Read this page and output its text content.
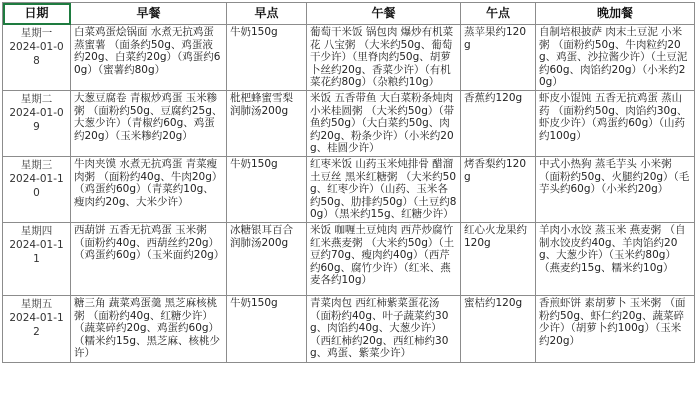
日期	早餐	早点	午餐	午点	晚加餐

星期一
2024-01-08	白菜鸡蛋烩锅面 水煮无抗鸡蛋 蒸蜜薯 （面条约50g、鸡蛋液约20g、白菜约20g）（鸡蛋约60g）（蜜薯约80g）	牛奶150g	葡萄干米饭 锅包肉 爆炒有机菜花 八宝粥 （大米约50g、葡萄干少许）（里脊肉约50g、胡萝卜丝约20g、香菜少许）（有机菜花约80g）（杂粮约10g）	蒸苹果约120g	自制培根披萨 肉末土豆泥 小米粥 （面粉约50g、牛肉粒约20g、鸡蛋、沙拉酱少许）（土豆泥约60g、肉馅约20g）（小米约20g）

星期二
2024-01-09	大葱豆腐卷 青椒炒鸡蛋 玉米糁粥 （面粉约50g、豆腐约25g、大葱少许）（青椒约60g、鸡蛋约20g）（玉米糁约20g）	枇杷蜂蜜雪梨润肺汤200g	米饭 五香带鱼 大白菜粉条炖肉 小米桂圆粥 （大米约50g）（带鱼约50g）（大白菜约50g、肉约20g、粉条少许）（小米约20g、桂圆少许）	香蕉约120g	虾皮小馄饨 五香无抗鸡蛋 蒸山药 （面粉约50g、肉馅约30g、虾皮少许）（鸡蛋约60g）（山药约100g）

星期三
2024-01-10	牛肉夹馍 水煮无抗鸡蛋 青菜瘦肉粥 （面粉约40g、牛肉20g）（鸡蛋约60g）（青菜约10g、瘦肉约20g、大米少许）	牛奶150g	红枣米饭 山药玉米炖排骨 醋溜土豆丝 黑米红糖粥 （大米约50g、红枣少许）（山药、玉米各约50g、肋排约50g）（土豆约80g）（黑米约15g、红糖少许）	烤香梨约120g	中式小热狗 蒸毛芋头 小米粥 （面粉约50g、火腿约20g）（毛芋头约60g）（小米约20g）

星期四
2024-01-11	西葫饼 五香无抗鸡蛋 玉米粥 （面粉约40g、西葫丝约20g）（鸡蛋约60g）（玉米面约20g）	冰糖银耳百合润肺汤200g	米饭 咖喱土豆炖肉 西芹炒腐竹 红米燕麦粥 （大米约50g）（土豆约70g、瘦肉约40g）（西芹约60g、腐竹少许）（红米、燕麦各约10g）	红心火龙果约120g	羊肉小水饺 蒸玉米 燕麦粥 （自制水饺皮约40g、羊肉馅约20g、大葱少许）（玉米约80g）（燕麦约15g、糯米约10g）

星期五
2024-01-12	糖三角 蔬菜鸡蛋羹 黑芝麻核桃粥 （面粉约40g、红糖少许）（蔬菜碎约20g、鸡蛋约60g）（糯米约15g、黑芝麻、核桃少许）	牛奶150g	青菜肉包 西红柿紫菜蛋花汤 （面粉约40g、叶子蔬菜约30g、肉馅约40g、大葱少许）（西红柿约20g、西红柿约30g、鸡蛋、紫菜少许）	蜜桔约120g	香煎虾饼 素胡萝卜 玉米粥 （面粉约50g、虾仁约20g、蔬菜碎少许）（胡萝卜约100g）（玉米约20g）
